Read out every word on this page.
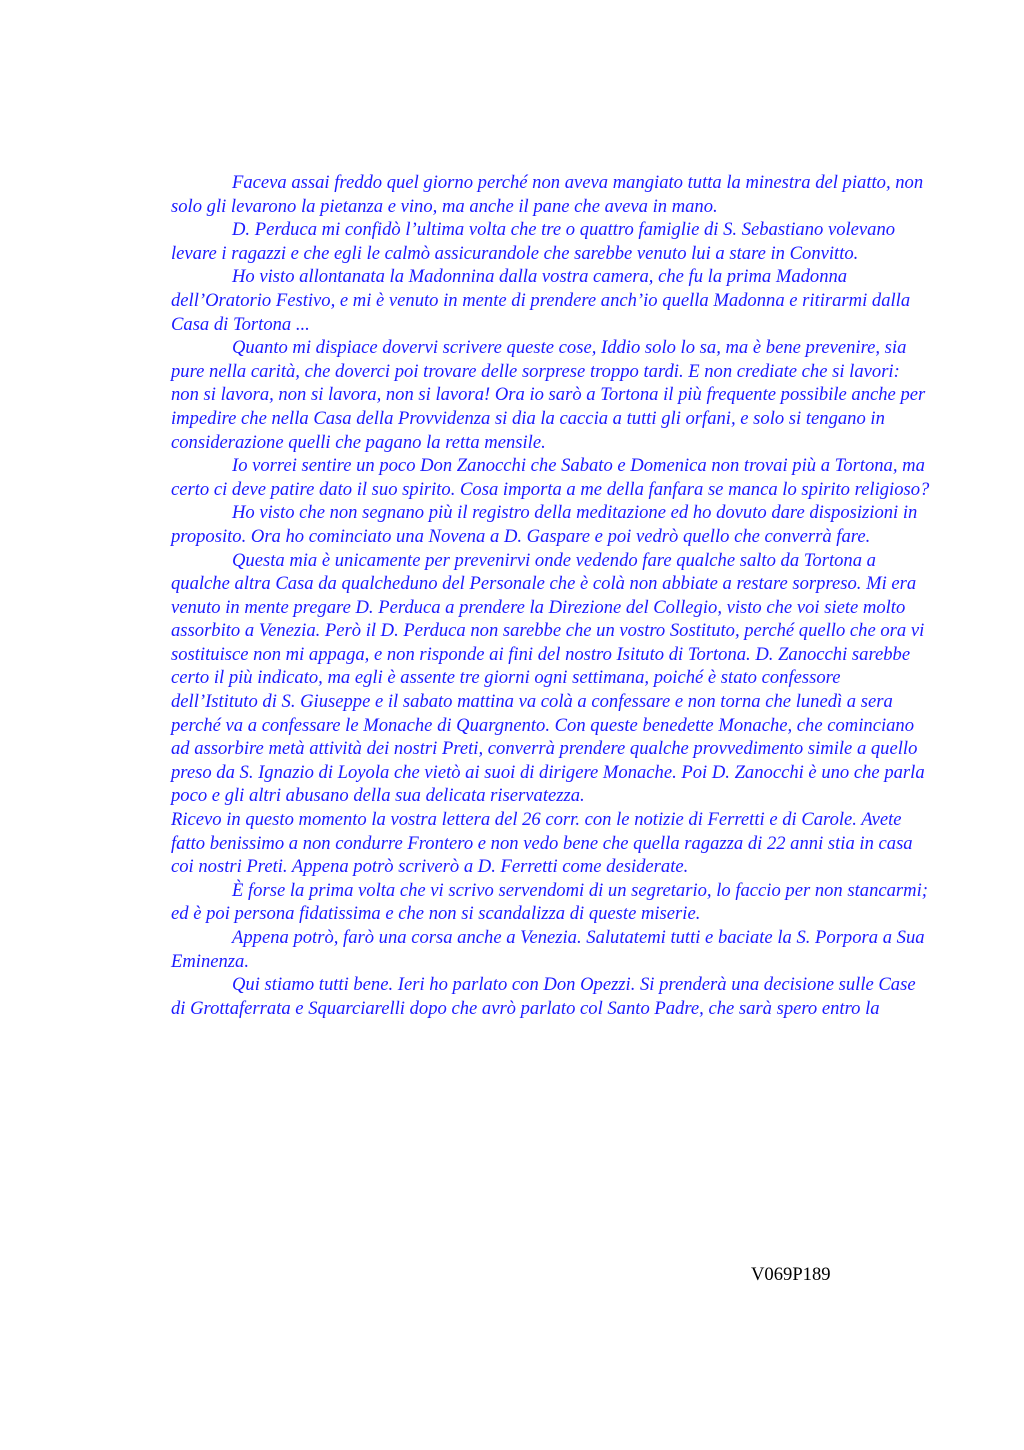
Faceva assai freddo quel giorno perché non aveva mangiato tutta la minestra del piatto, non solo gli levarono la pietanza e vino, ma anche il pane che aveva in mano.

D. Perduca mi confidò l’ultima volta che tre o quattro famiglie di S. Sebastiano volevano levare i ragazzi e che egli le calmò assicurandole che sarebbe venuto lui a stare in Convitto.

Ho visto allontanata la Madonnina dalla vostra camera, che fu la prima Madonna dell’Oratorio Festivo, e mi è venuto in mente di prendere anch’io quella Madonna e ritirarmi dalla Casa di Tortona ...

Quanto mi dispiace dovervi scrivere queste cose, Iddio solo lo sa, ma è bene prevenire, sia pure nella carità, che doverci poi trovare delle sorprese troppo tardi. E non crediate che si lavori: non si lavora, non si lavora, non si lavora! Ora io sarò a Tortona il più frequente possibile anche per impedire che nella Casa della Provvidenza si dia la caccia a tutti gli orfani, e solo si tengano in considerazione quelli che pagano la retta mensile.

Io vorrei sentire un poco Don Zanocchi che Sabato e Domenica non trovai più a Tortona, ma certo ci deve patire dato il suo spirito. Cosa importa a me della fanfara se manca lo spirito religioso?

Ho visto che non segnano più il registro della meditazione ed ho dovuto dare disposizioni in proposito. Ora ho cominciato una Novena a D. Gaspare e poi vedrò quello che converrà fare.

Questa mia è unicamente per prevenirvi onde vedendo fare qualche salto da Tortona a qualche altra Casa da qualcheduno del Personale che è colà non abbiate a restare sorpreso. Mi era venuto in mente pregare D. Perduca a prendere la Direzione del Collegio, visto che voi siete molto assorbito a Venezia. Però il D. Perduca non sarebbe che un vostro Sostituto, perché quello che ora vi sostituisce non mi appaga, e non risponde ai fini del nostro Isituto di Tortona. D. Zanocchi sarebbe certo il più indicato, ma egli è assente tre giorni ogni settimana, poiché è stato confessore dell’Istituto di S. Giuseppe e il sabato mattina va colà a confessare e non torna che lunedì a sera perché va a confessare le Monache di Quargnento. Con queste benedette Monache, che cominciano ad assorbire metà attività dei nostri Preti, converrà prendere qualche provvedimento simile a quello preso da S. Ignazio di Loyola che vietò ai suoi di dirigere Monache. Poi D. Zanocchi è uno che parla poco e gli altri abusano della sua delicata riservatezza.

Ricevo in questo momento la vostra lettera del 26 corr. con le notizie di Ferretti e di Carole. Avete fatto benissimo a non condurre Frontero e non vedo bene che quella ragazza di 22 anni stia in casa coi nostri Preti. Appena potrò scriverò a D. Ferretti come desiderate.

È forse la prima volta che vi scrivo servendomi di un segretario, lo faccio per non stancarmi; ed è poi persona fidatissima e che non si scandalizza di queste miserie.

Appena potrò, farò una corsa anche a Venezia. Salutatemi tutti e baciate la S. Porpora a Sua Eminenza.

Qui stiamo tutti bene. Ieri ho parlato con Don Opezzi. Si prenderà una decisione sulle Case di Grottaferrata e Squarciarelli dopo che avrò parlato col Santo Padre, che sarà spero entro la

V069P189
